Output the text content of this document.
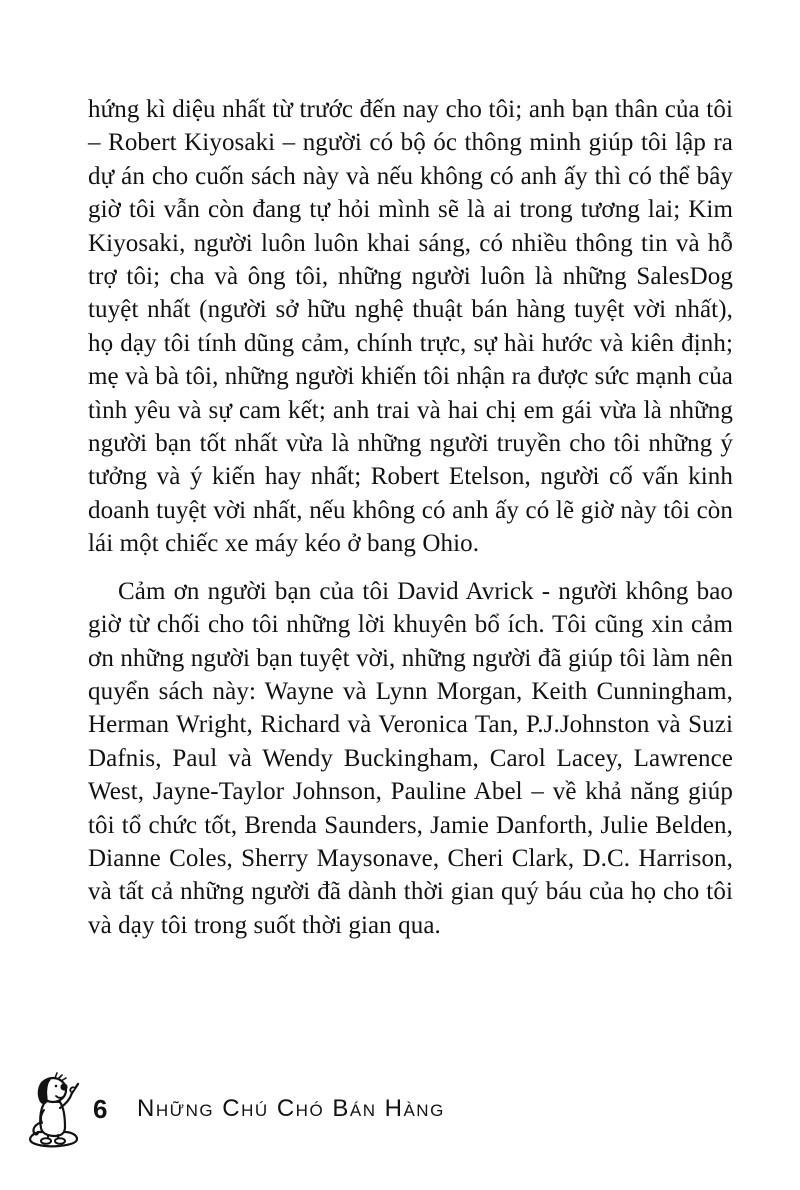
hứng kì diệu nhất từ trước đến nay cho tôi; anh bạn thân của tôi – Robert Kiyosaki – người có bộ óc thông minh giúp tôi lập ra dự án cho cuốn sách này và nếu không có anh ấy thì có thể bây giờ tôi vẫn còn đang tự hỏi mình sẽ là ai trong tương lai; Kim Kiyosaki, người luôn luôn khai sáng, có nhiều thông tin và hỗ trợ tôi; cha và ông tôi, những người luôn là những SalesDog tuyệt nhất (người sở hữu nghệ thuật bán hàng tuyệt vời nhất), họ dạy tôi tính dũng cảm, chính trực, sự hài hước và kiên định; mẹ và bà tôi, những người khiến tôi nhận ra được sức mạnh của tình yêu và sự cam kết; anh trai và hai chị em gái vừa là những người bạn tốt nhất vừa là những người truyền cho tôi những ý tưởng và ý kiến hay nhất; Robert Etelson, người cố vấn kinh doanh tuyệt vời nhất, nếu không có anh ấy có lẽ giờ này tôi còn lái một chiếc xe máy kéo ở bang Ohio.

Cảm ơn người bạn của tôi David Avrick - người không bao giờ từ chối cho tôi những lời khuyên bổ ích. Tôi cũng xin cảm ơn những người bạn tuyệt vời, những người đã giúp tôi làm nên quyển sách này: Wayne và Lynn Morgan, Keith Cunningham, Herman Wright, Richard và Veronica Tan, P.J.Johnston và Suzi Dafnis, Paul và Wendy Buckingham, Carol Lacey, Lawrence West, Jayne-Taylor Johnson, Pauline Abel – về khả năng giúp tôi tổ chức tốt, Brenda Saunders, Jamie Danforth, Julie Belden, Dianne Coles, Sherry Maysonave, Cheri Clark, D.C. Harrison, và tất cả những người đã dành thời gian quý báu của họ cho tôi và dạy tôi trong suốt thời gian qua.

6 Những Chú Chó Bán Hàng
